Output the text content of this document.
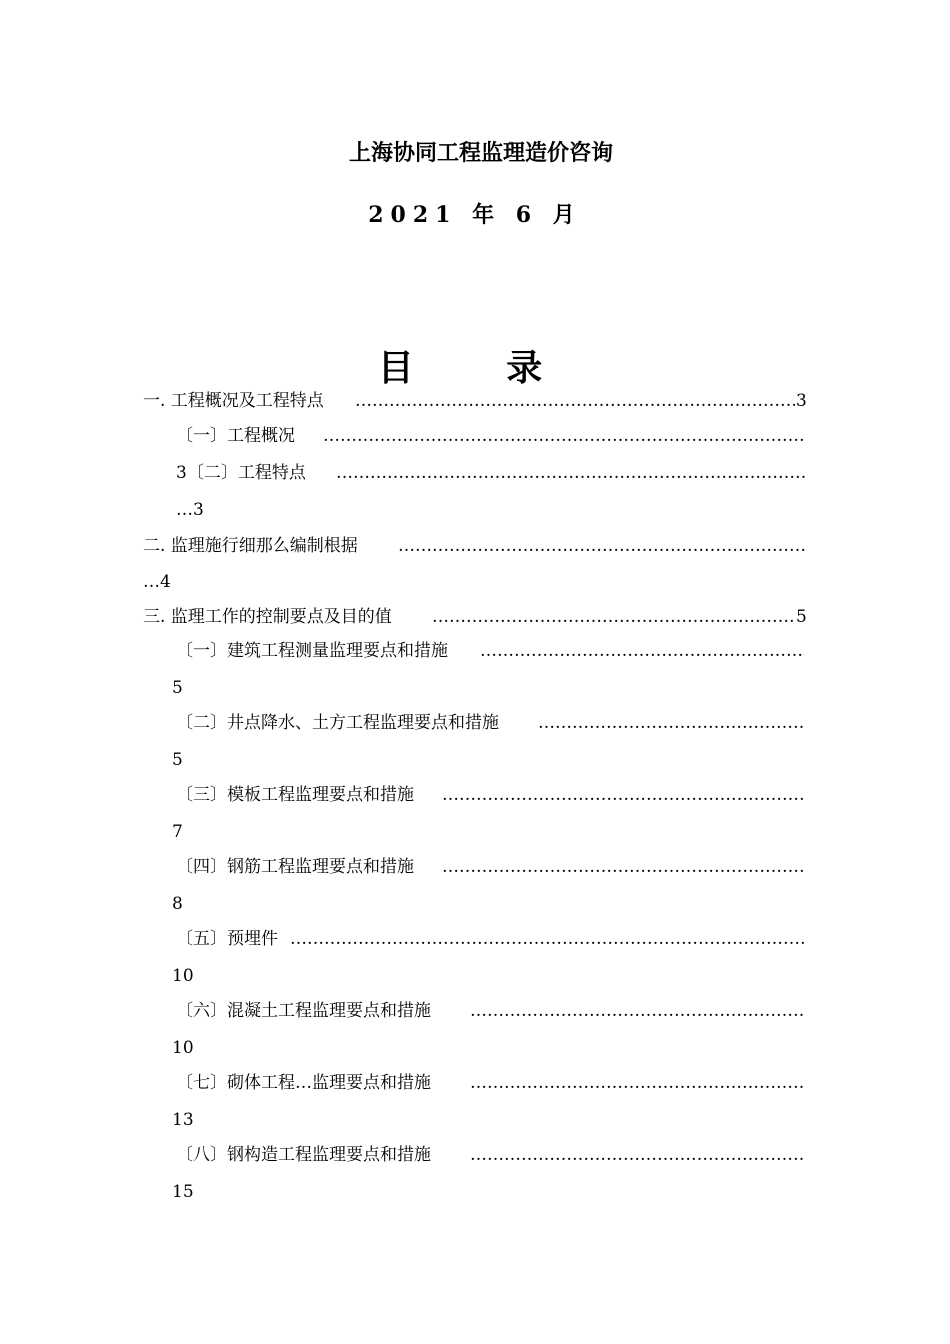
上海协同工程监理造价咨询
2021 年 6 月
目 录
一. 工程概况及工程特点 ……………………………………………………………………………………………………………………………………………………………………………………	3
〔一〕工程概况
……………………………………………………………………………………………………………………………………………………………………………………
3〔二〕工程特点
……………………………………………………………………………………………………………………………………………………………………………………
…3
二. 监理施行细那么编制根据
……………………………………………………………………………………………………………………………………………………………………………………
…4
三. 监理工作的控制要点及目的值 ……………………………………………………………………………………………………………………………………………………………………………………	5
〔一〕建筑工程测量监理要点和措施
……………………………………………………………………………………………………………………………………………………………………………………
5
〔二〕井点降水、土方工程监理要点和措施
……………………………………………………………………………………………………………………………………………………………………………………
5
〔三〕模板工程监理要点和措施
……………………………………………………………………………………………………………………………………………………………………………………
7
〔四〕钢筋工程监理要点和措施
……………………………………………………………………………………………………………………………………………………………………………………
8
〔五〕预埋件
……………………………………………………………………………………………………………………………………………………………………………………
10
〔六〕混凝土工程监理要点和措施
……………………………………………………………………………………………………………………………………………………………………………………
10
〔七〕砌体工程…监理要点和措施
……………………………………………………………………………………………………………………………………………………………………………………
13
〔八〕钢构造工程监理要点和措施
……………………………………………………………………………………………………………………………………………………………………………………
15
